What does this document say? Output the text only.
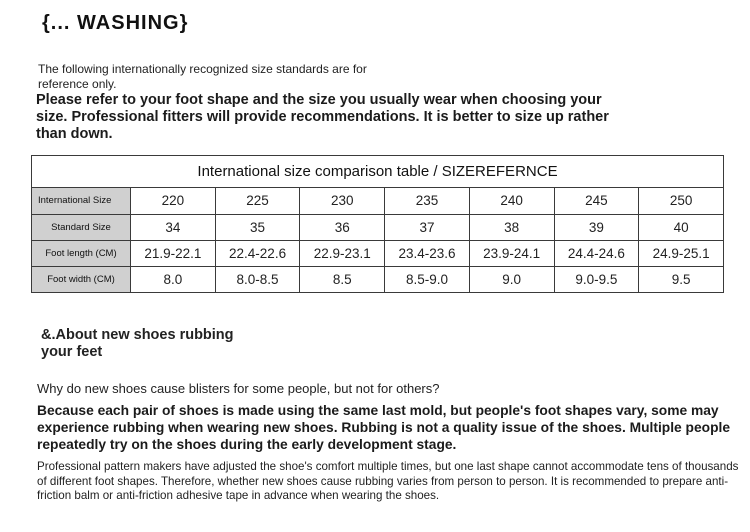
{... WASHING}
The following internationally recognized size standards are for reference only.
Please refer to your foot shape and the size you usually wear when choosing your size. Professional fitters will provide recommendations. It is better to size up rather than down.
International size comparison table / SIZEREFERNCE							
International Size	220	225	230	235	240	245	250
Standard Size	34	35	36	37	38	39	40
Foot length (CM)	21.9-22.1	22.4-22.6	22.9-23.1	23.4-23.6	23.9-24.1	24.4-24.6	24.9-25.1
Foot width (CM)	8.0	8.0-8.5	8.5	8.5-9.0	9.0	9.0-9.5	9.5
&.About new shoes rubbing your feet
Why do new shoes cause blisters for some people, but not for others?
Because each pair of shoes is made using the same last mold, but people's foot shapes vary, some may experience rubbing when wearing new shoes. Rubbing is not a quality issue of the shoes. Multiple people repeatedly try on the shoes during the early development stage.
Professional pattern makers have adjusted the shoe's comfort multiple times, but one last shape cannot accommodate tens of thousands of different foot shapes. Therefore, whether new shoes cause rubbing varies from person to person. It is recommended to prepare anti-friction balm or anti-friction adhesive tape in advance when wearing the shoes.
